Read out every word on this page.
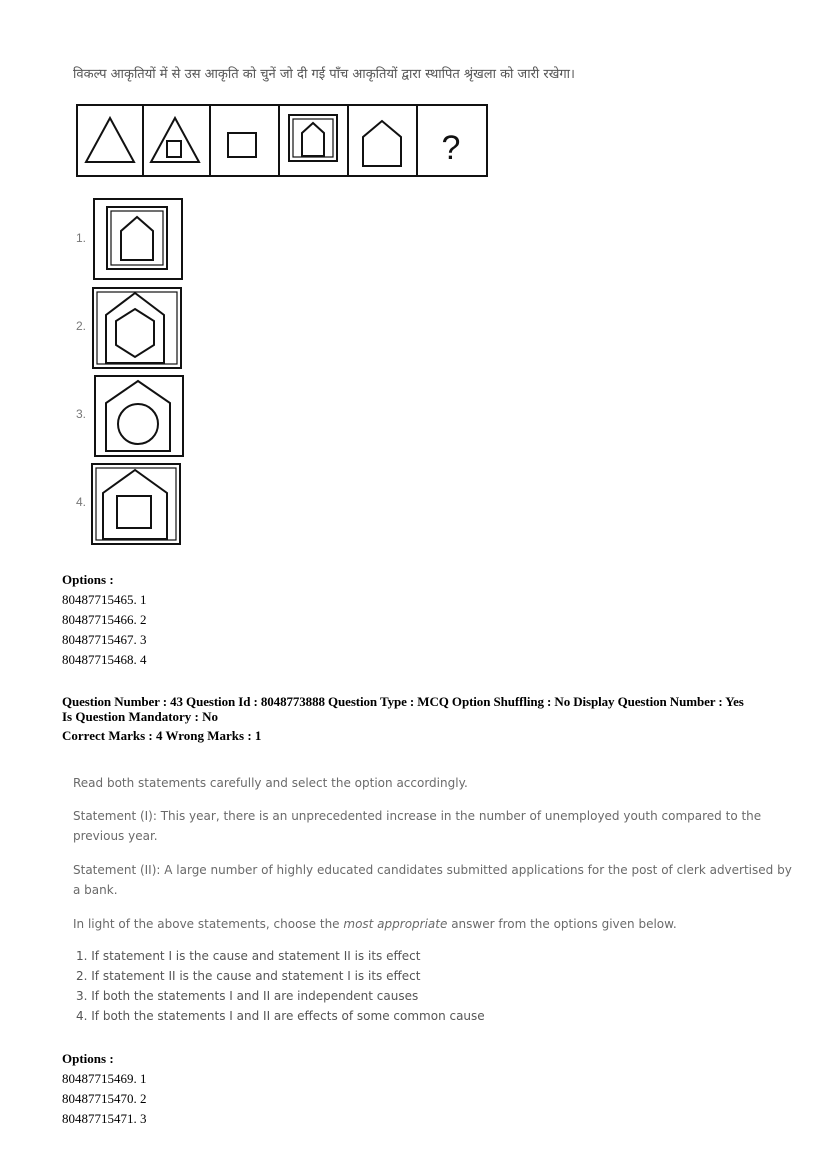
विकल्प आकृतियों में से उस आकृति को चुनें जो दी गई पाँच आकृतियों द्वारा स्थापित श्रृंखला को जारी रखेगा।
?
1.
2.
3.
4.
Options :
80487715465. 1
80487715466. 2
80487715467. 3
80487715468. 4
Question Number : 43 Question Id : 8048773888 Question Type : MCQ Option Shuffling : No Display Question Number : Yes
Is Question Mandatory : No
Correct Marks : 4 Wrong Marks : 1
Read both statements carefully and select the option accordingly.
Statement (I): This year, there is an unprecedented increase in the number of unemployed youth compared to the
previous year.
Statement (II): A large number of highly educated candidates submitted applications for the post of clerk advertised by
a bank.
In light of the above statements, choose the most appropriate answer from the options given below.
1. If statement I is the cause and statement II is its effect
2. If statement II is the cause and statement I is its effect
3. If both the statements I and II are independent causes
4. If both the statements I and II are effects of some common cause
Options :
80487715469. 1
80487715470. 2
80487715471. 3
